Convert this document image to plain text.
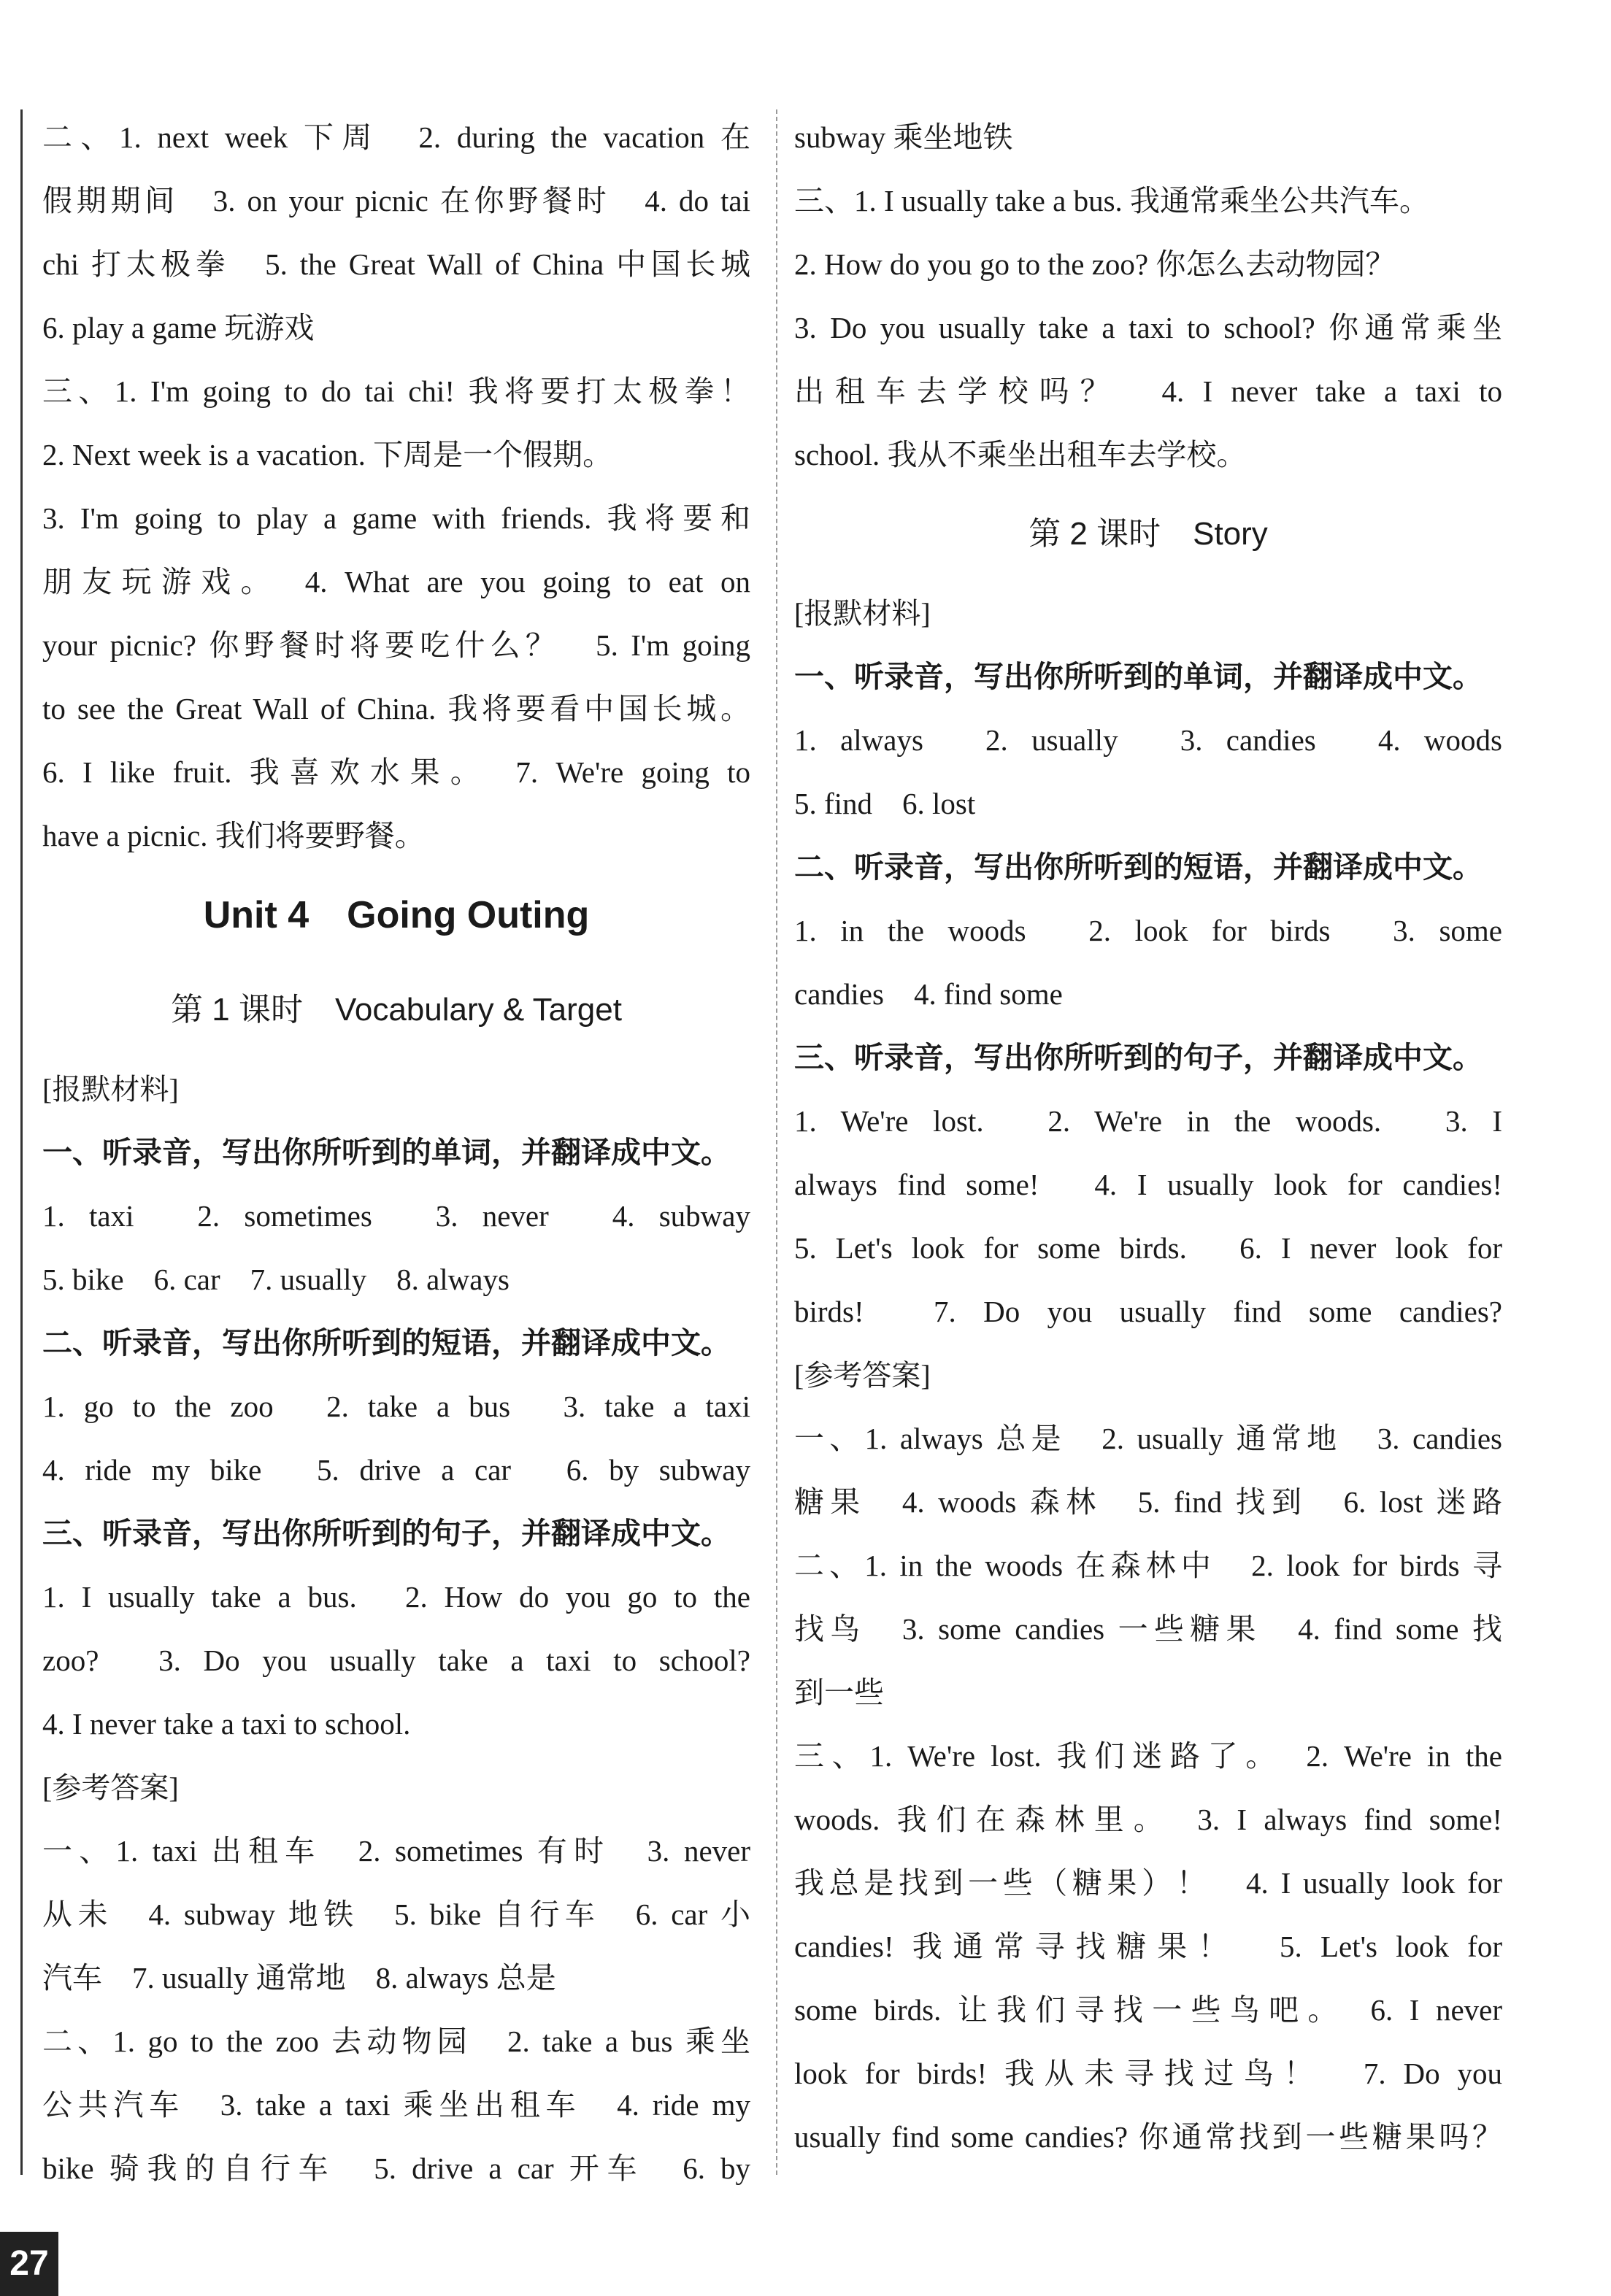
二、1. next week 下周　2. during the vacation 在
假期期间　3. on your picnic 在你野餐时　4. do tai
chi 打太极拳　5. the Great Wall of China 中国长城
6. play a game 玩游戏
三、1. I'm going to do tai chi! 我将要打太极拳！
2. Next week is a vacation. 下周是一个假期。
3. I'm going to play a game with friends. 我将要和
朋友玩游戏。　4. What are you going to eat on
your picnic? 你野餐时将要吃什么？　5. I'm going
to see the Great Wall of China. 我将要看中国长城。
6. I like fruit. 我喜欢水果。　7. We're going to
have a picnic. 我们将要野餐。
Unit 4　Going Outing
第 1 课时　Vocabulary & Target
[报默材料]
一、听录音，写出你所听到的单词，并翻译成中文。
1. taxi　2. sometimes　3. never　4. subway
5. bike　6. car　7. usually　8. always
二、听录音，写出你所听到的短语，并翻译成中文。
1. go to the zoo　2. take a bus　3. take a taxi
4. ride my bike　5. drive a car　6. by subway
三、听录音，写出你所听到的句子，并翻译成中文。
1. I usually take a bus.　2. How do you go to the
zoo?　3. Do you usually take a taxi to school?
4. I never take a taxi to school.
[参考答案]
一、1. taxi 出租车　2. sometimes 有时　3. never
从未　4. subway 地铁　5. bike 自行车　6. car 小
汽车　7. usually 通常地　8. always 总是
二、1. go to the zoo 去动物园　2. take a bus 乘坐
公共汽车　3. take a taxi 乘坐出租车　4. ride my
bike 骑我的自行车　5. drive a car 开车　6. by
subway 乘坐地铁
三、1. I usually take a bus. 我通常乘坐公共汽车。
2. How do you go to the zoo? 你怎么去动物园？
3. Do you usually take a taxi to school? 你通常乘坐
出租车去学校吗？　4. I never take a taxi to
school. 我从不乘坐出租车去学校。
第 2 课时　Story
[报默材料]
一、听录音，写出你所听到的单词，并翻译成中文。
1. always　2. usually　3. candies　4. woods
5. find　6. lost
二、听录音，写出你所听到的短语，并翻译成中文。
1. in the woods　2. look for birds　3. some
candies　4. find some
三、听录音，写出你所听到的句子，并翻译成中文。
1. We're lost.　2. We're in the woods.　3. I
always find some!　4. I usually look for candies!
5. Let's look for some birds.　6. I never look for
birds!　7. Do you usually find some candies?
[参考答案]
一、1. always 总是　2. usually 通常地　3. candies
糖果　4. woods 森林　5. find 找到　6. lost 迷路
二、1. in the woods 在森林中　2. look for birds 寻
找鸟　3. some candies 一些糖果　4. find some 找
到一些
三、1. We're lost. 我们迷路了。　2. We're in the
woods. 我们在森林里。　3. I always find some!
我总是找到一些（糖果）！　4. I usually look for
candies! 我通常寻找糖果！　5. Let's look for
some birds. 让我们寻找一些鸟吧。　6. I never
look for birds! 我从未寻找过鸟！　7. Do you
usually find some candies? 你通常找到一些糖果吗？
27
